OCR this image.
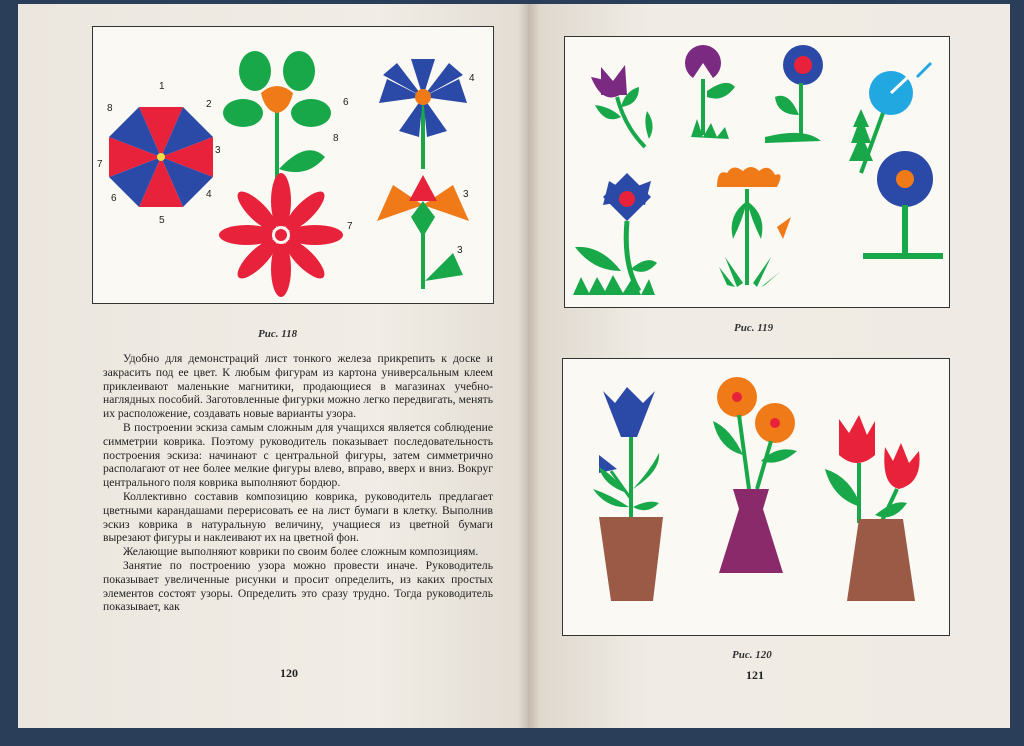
1
2
3
4
5
6
7
8
6
8
4
7
3
3
Рис. 118

Удобно для демонстраций лист тонкого железа прикрепить к доске и закрасить под ее цвет. К любым фигурам из картона универсальным клеем приклеивают маленькие магнитики, продающиеся в магазинах учебно-наглядных пособий. Заготовленные фигурки можно легко передвигать, менять их расположение, создавать новые варианты узора.

В построении эскиза самым сложным для учащихся является соблюдение симметрии коврика. Поэтому руководитель показывает последовательность построения эскиза: начинают с центральной фигуры, затем симметрично располагают от нее более мелкие фигуры влево, вправо, вверх и вниз. Вокруг центрального поля коврика выполняют бордюр.

Коллективно составив композицию коврика, руководитель предлагает цветными карандашами перерисовать ее на лист бумаги в клетку. Выполнив эскиз коврика в натуральную величину, учащиеся из цветной бумаги вырезают фигуры и наклеивают их на цветной фон.

Желающие выполняют коврики по своим более сложным композициям.

Занятие по построению узора можно провести иначе. Руководитель показывает увеличенные рисунки и просит определить, из каких простых элементов состоят узоры. Определить это сразу трудно. Тогда руководитель показывает, как

120
Рис. 119
Рис. 120
121
